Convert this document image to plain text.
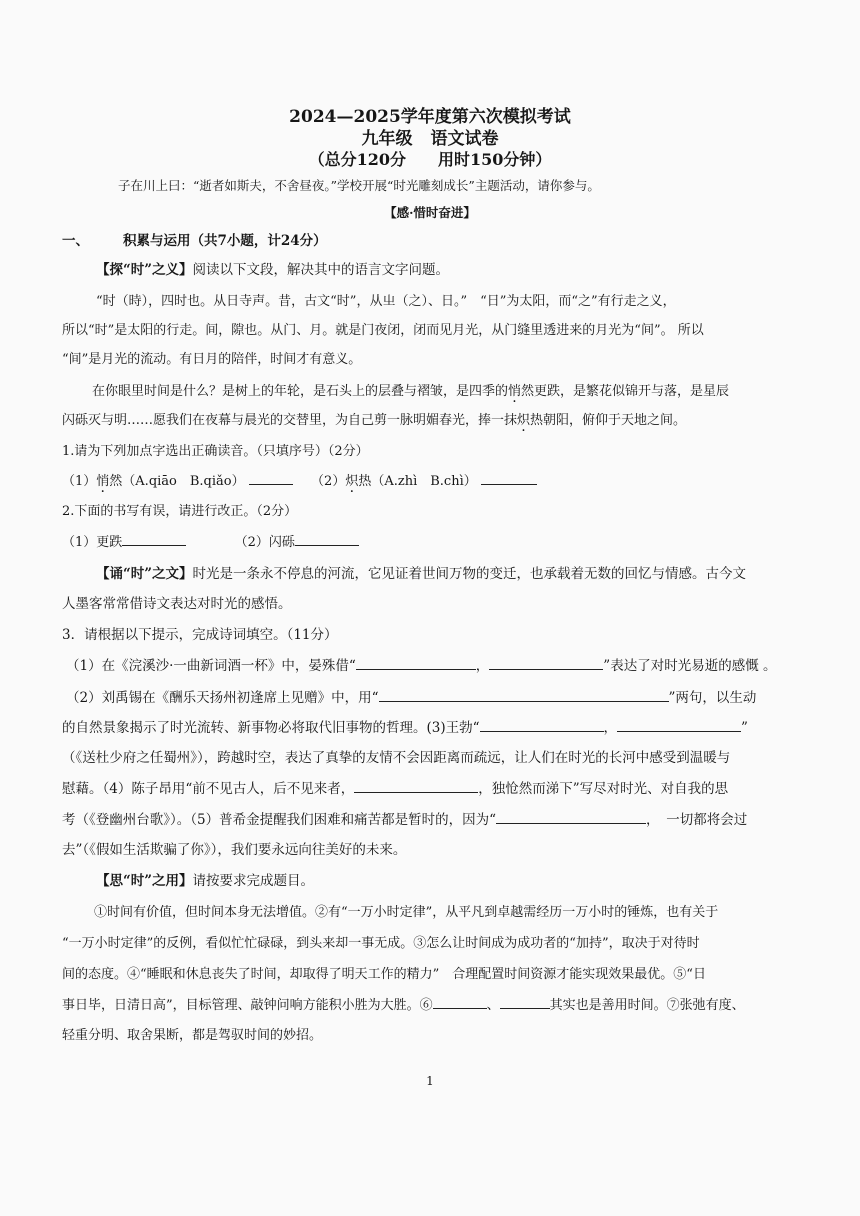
2024—2025学年度第六次模拟考试
九年级 语文试卷
（总分120分　　用时150分钟）
子在川上曰：“逝者如斯夫，不舍昼夜。”学校开展“时光雕刻成长”主题活动，请你参与。
【感·惜时奋进】
一、	积累与运用（共7小题，计24分）
【探“时”之义】阅读以下文段，解决其中的语言文字问题。
“时（時），四时也。从日寺声。昔，古文“时”，从㞢（之）、日。”　“日”为太阳，而“之”有行走之义，
所以“时”是太阳的行走。间，隙也。从门、月。就是门夜闭，闭而见月光，从门缝里透进来的月光为“间”。 所以
“间”是月光的流动。有日月的陪伴，时间才有意义。
在你眼里时间是什么？是树上的年轮，是石头上的层叠与褶皱，是四季的悄然更跌，是繁花似锦开与落，是星辰
闪砾灭与明……愿我们在夜幕与晨光的交替里，为自己剪一脉明媚春光，捧一抹炽热朝阳，俯仰于天地之间。
1.请为下列加点字选出正确读音。（只填序号）（2分）
（1）悄然（A.qiāo　B.qiǎo）	（2）炽热（A.zhì　B.chì）
2.下面的书写有误，请进行改正。（2分）
（1）更跌	（2）闪砾
【诵“时”之文】时光是一条永不停息的河流，它见证着世间万物的变迁，也承载着无数的回忆与情感。古今文
人墨客常常借诗文表达对时光的感悟。
3．请根据以下提示，完成诗词填空。（11分）
（1）在《浣溪沙·一曲新词酒一杯》中，晏殊借“	，	”表达了对时光易逝的感慨 。
（2）刘禹锡在《酬乐天扬州初逢席上见赠》中，用“	”两句，以生动
的自然景象揭示了时光流转、新事物必将取代旧事物的哲理。(3)王勃“	，	”
（《送杜少府之任蜀州》），跨越时空，表达了真挚的友情不会因距离而疏远，让人们在时光的长河中感受到温暖与
慰藉。（4）陈子昂用“前不见古人，后不见来者，	，独怆然而涕下”写尽对时光、对自我的思
考（《登幽州台歌》）。（5）普希金提醒我们困难和痛苦都是暂时的，因为“	，　一切都将会过
去”（《假如生活欺骗了你》），我们要永远向往美好的未来。
【思“时”之用】请按要求完成题目。
①时间有价值，但时间本身无法增值。②有“一万小时定律”，从平凡到卓越需经历一万小时的锤炼，也有关于
“一万小时定律”的反例，看似忙忙碌碌，到头来却一事无成。③怎么让时间成为成功者的“加持”，取决于对待时
间的态度。④“睡眠和休息丧失了时间，却取得了明天工作的精力”　合理配置时间资源才能实现效果最优。⑤“日
事日毕，日清日高”，目标管理、敲钟问响方能积小胜为大胜。⑥	、	其实也是善用时间。⑦张弛有度、
轻重分明、取舍果断，都是驾驭时间的妙招。
1
